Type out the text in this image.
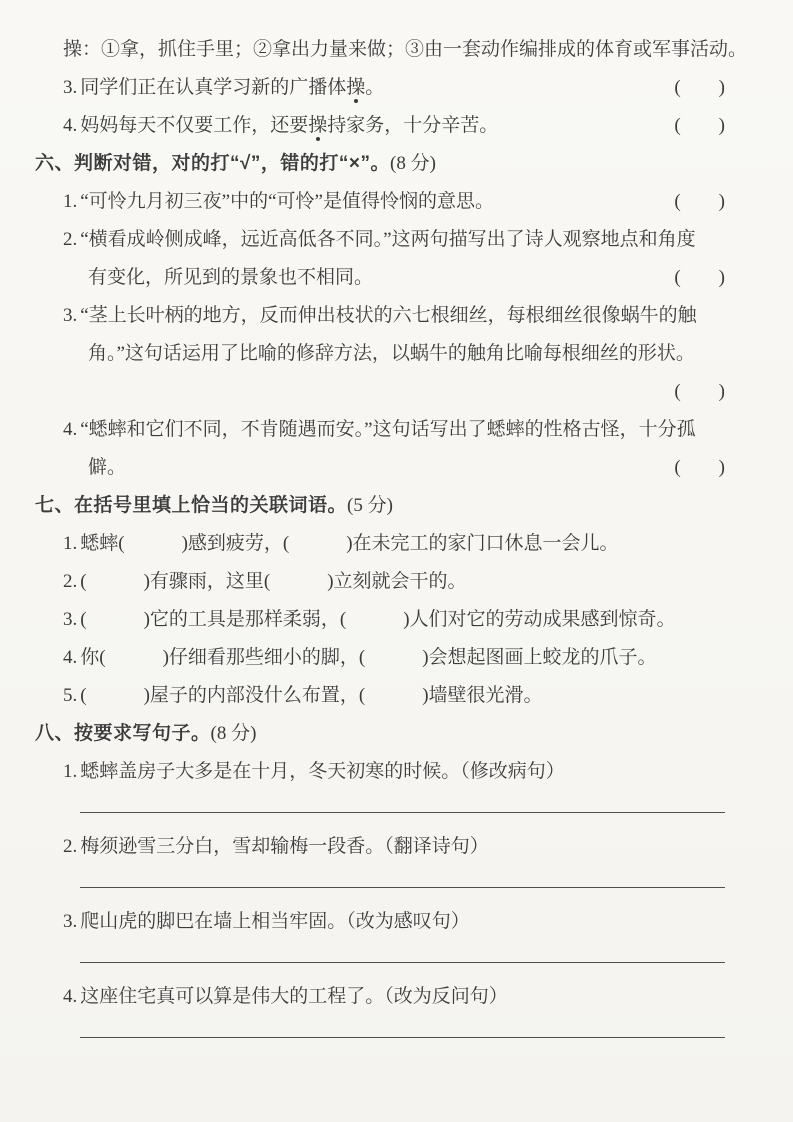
操：①拿，抓住手里；②拿出力量来做；③由一套动作编排成的体育或军事活动。
3. 同学们正在认真学习新的广播体操。	(　　)
4. 妈妈每天不仅要工作，还要操持家务，十分辛苦。	(　　)
六、判断对错，对的打“√”，错的打“×”。(8 分)
1. “可怜九月初三夜”中的“可怜”是值得怜悯的意思。	(　　)
2. “横看成岭侧成峰，远近高低各不同。”这两句描写出了诗人观察地点和角度
有变化，所见到的景象也不相同。	(　　)
3. “茎上长叶柄的地方，反而伸出枝状的六七根细丝，每根细丝很像蜗牛的触
角。”这句话运用了比喻的修辞方法，以蜗牛的触角比喻每根细丝的形状。
(　　)
4. “蟋蟀和它们不同，不肯随遇而安。”这句话写出了蟋蟀的性格古怪，十分孤
僻。	(　　)
七、在括号里填上恰当的关联词语。(5 分)
1. 蟋蟀(　　　)感到疲劳，(　　　)在未完工的家门口休息一会儿。
2. (　　　)有骤雨，这里(　　　)立刻就会干的。
3. (　　　)它的工具是那样柔弱，(　　　)人们对它的劳动成果感到惊奇。
4. 你(　　　)仔细看那些细小的脚，(　　　)会想起图画上蛟龙的爪子。
5. (　　　)屋子的内部没什么布置，(　　　)墙壁很光滑。
八、按要求写句子。(8 分)
1. 蟋蟀盖房子大多是在十月，冬天初寒的时候。（修改病句）
2. 梅须逊雪三分白，雪却输梅一段香。（翻译诗句）
3. 爬山虎的脚巴在墙上相当牢固。（改为感叹句）
4. 这座住宅真可以算是伟大的工程了。（改为反问句）
